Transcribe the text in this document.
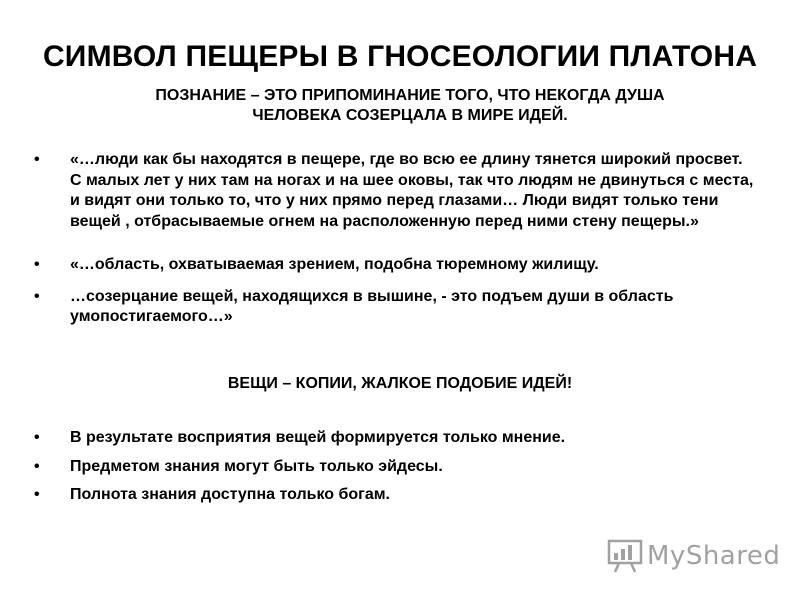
СИМВОЛ ПЕЩЕРЫ В ГНОСЕОЛОГИИ ПЛАТОНА
ПОЗНАНИЕ – ЭТО ПРИПОМИНАНИЕ ТОГО, ЧТО НЕКОГДА ДУША ЧЕЛОВЕКА СОЗЕРЦАЛА В МИРЕ ИДЕЙ.
• «…люди как бы находятся в пещере, где во всю ее длину тянется широкий просвет. С малых лет у них там на ногах и на шее оковы, так что людям не двинуться с места, и видят они только то, что у них прямо перед глазами… Люди видят только тени вещей , отбрасываемые огнем на расположенную перед ними стену пещеры.»
• «…область, охватываемая зрением, подобна тюремному жилищу.
• …созерцание вещей, находящихся в вышине, - это подъем души в область умопостигаемого…»
ВЕЩИ – КОПИИ, ЖАЛКОЕ ПОДОБИЕ ИДЕЙ!
• В результате восприятия вещей формируется только мнение.
• Предметом знания могут быть только эйдесы.
• Полнота знания доступна только богам.
MyShared
